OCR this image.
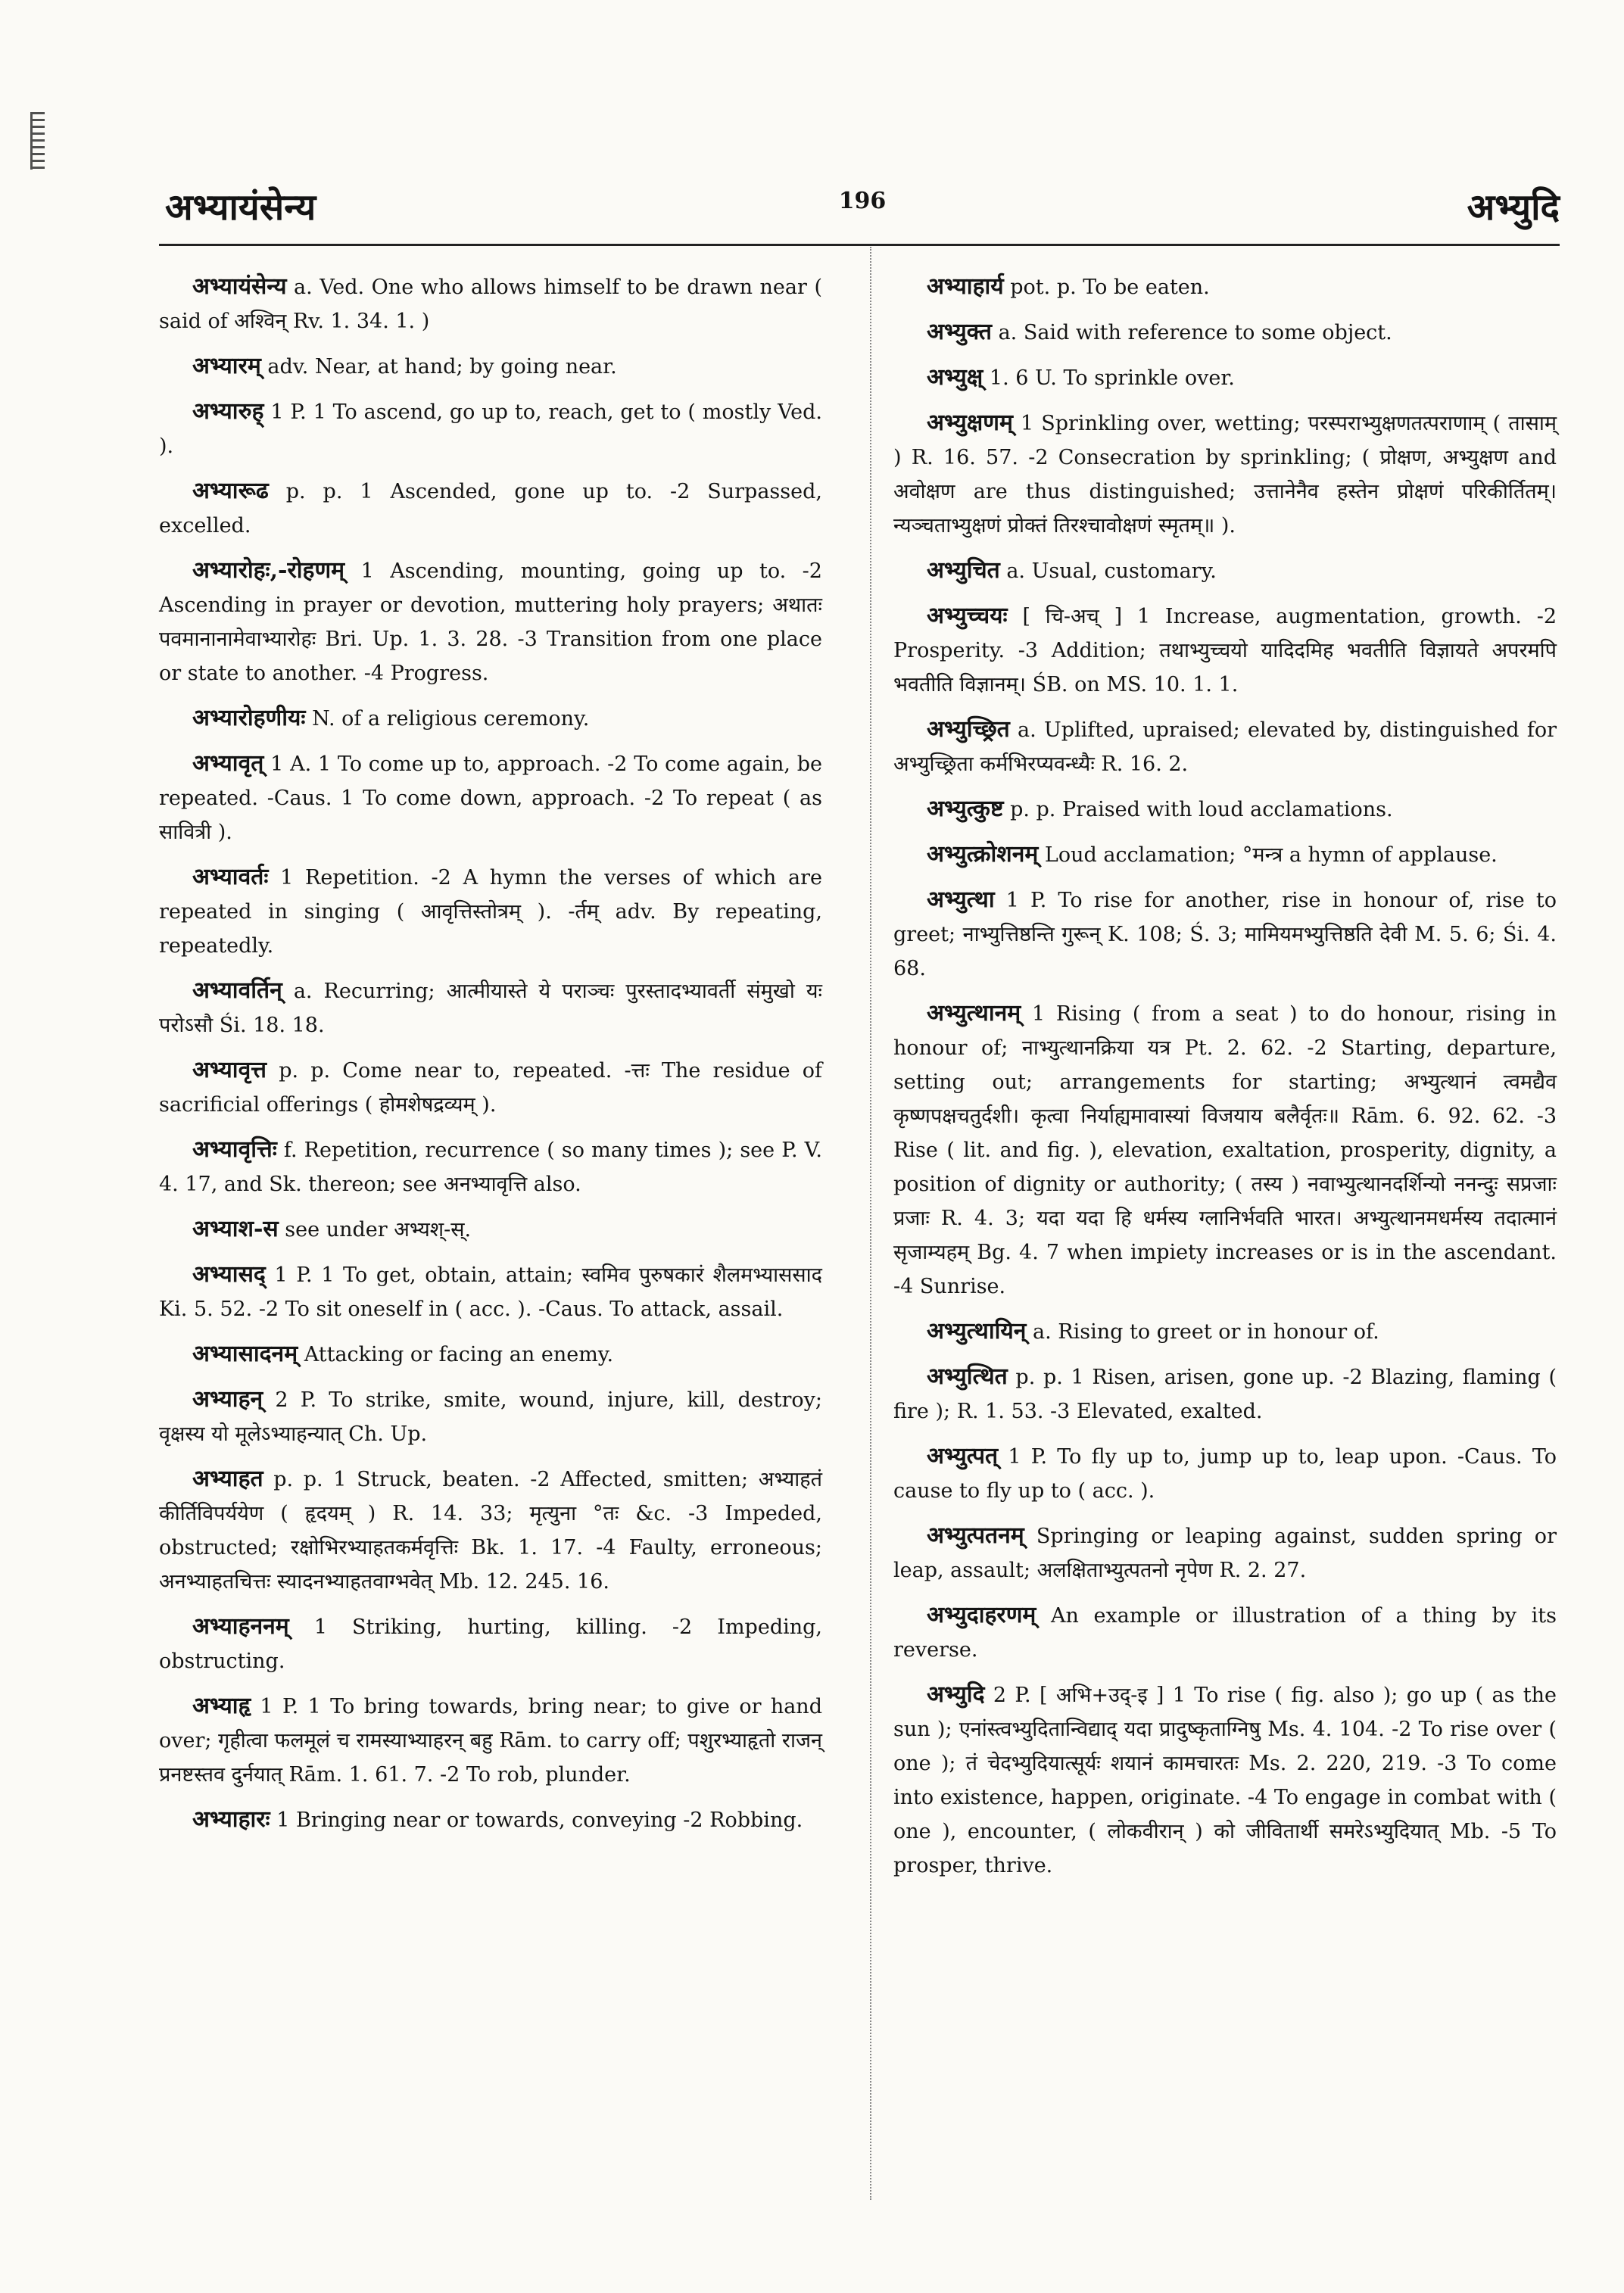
अभ्यायंसेन्य	196	अभ्युदि

अभ्यायंसेन्य a. Ved. One who allows himself to be drawn near ( said of अश्विन् Rv. 1. 34. 1. )

अभ्यारम् adv. Near, at hand; by going near.

अभ्यारुह् 1 P. 1 To ascend, go up to, reach, get to ( mostly Ved. ).

अभ्यारूढ p. p. 1 Ascended, gone up to. -2 Surpassed, excelled.

अभ्यारोहः,-रोहणम् 1 Ascending, mounting, going up to. -2 Ascending in prayer or devotion, muttering holy prayers; अथातः पवमानानामेवाभ्यारोहः Bri. Up. 1. 3. 28. -3 Transition from one place or state to another. -4 Progress.

अभ्यारोहणीयः N. of a religious ceremony.

अभ्यावृत् 1 A. 1 To come up to, approach. -2 To come again, be repeated. -Caus. 1 To come down, approach. -2 To repeat ( as सावित्री ).

अभ्यावर्तः 1 Repetition. -2 A hymn the verses of which are repeated in singing ( आवृत्तिस्तोत्रम् ). -र्तम् adv. By repeating, repeatedly.

अभ्यावर्तिन् a. Recurring; आत्मीयास्ते ये पराञ्चः पुरस्तादभ्यावर्ती संमुखो यः परोऽसौ Śi. 18. 18.

अभ्यावृत्त p. p. Come near to, repeated. -त्तः The residue of sacrificial offerings ( होमशेषद्रव्यम् ).

अभ्यावृत्तिः f. Repetition, recurrence ( so many times ); see P. V. 4. 17, and Sk. thereon; see अनभ्यावृत्ति also.

अभ्याश-स see under अभ्यश्-स्.

अभ्यासद् 1 P. 1 To get, obtain, attain; स्वमिव पुरुषकारं शैलमभ्याससाद Ki. 5. 52. -2 To sit oneself in ( acc. ). -Caus. To attack, assail.

अभ्यासादनम् Attacking or facing an enemy.

अभ्याहन् 2 P. To strike, smite, wound, injure, kill, destroy; वृक्षस्य यो मूलेऽभ्याहन्यात् Ch. Up.

अभ्याहत p. p. 1 Struck, beaten. -2 Affected, smitten; अभ्याहतं कीर्तिविपर्ययेण ( हृदयम् ) R. 14. 33; मृत्युना °तः &c. -3 Impeded, obstructed; रक्षोभिरभ्याहतकर्मवृत्तिः Bk. 1. 17. -4 Faulty, erroneous; अनभ्याहतचित्तः स्यादनभ्याहतवाग्भवेत् Mb. 12. 245. 16.

अभ्याहननम् 1 Striking, hurting, killing. -2 Impeding, obstructing.

अभ्याहृ 1 P. 1 To bring towards, bring near; to give or hand over; गृहीत्वा फलमूलं च रामस्याभ्याहरन् बहु Rām. to carry off; पशुरभ्याहृतो राजन् प्रनष्टस्तव दुर्नयात् Rām. 1. 61. 7. -2 To rob, plunder.

अभ्याहारः 1 Bringing near or towards, conveying -2 Robbing.

अभ्याहार्य pot. p. To be eaten.

अभ्युक्त a. Said with reference to some object.

अभ्युक्ष् 1. 6 U. To sprinkle over.

अभ्युक्षणम् 1 Sprinkling over, wetting; परस्पराभ्युक्षणतत्पराणाम् ( तासाम् ) R. 16. 57. -2 Consecration by sprinkling; ( प्रोक्षण, अभ्युक्षण and अवोक्षण are thus distinguished; उत्तानेनैव हस्तेन प्रोक्षणं परिकीर्तितम्। न्यञ्चताभ्युक्षणं प्रोक्तं तिरश्चावोक्षणं स्मृतम्॥ ).

अभ्युचित a. Usual, customary.

अभ्युच्चयः [ चि-अच् ] 1 Increase, augmentation, growth. -2 Prosperity. -3 Addition; तथाभ्युच्चयो यादिदमिह भवतीति विज्ञायते अपरमपि भवतीति विज्ञानम्। ŚB. on MS. 10. 1. 1.

अभ्युच्छ्रित a. Uplifted, upraised; elevated by, distinguished for अभ्युच्छ्रिता कर्मभिरप्यवन्ध्यैः R. 16. 2.

अभ्युत्कुष्ट p. p. Praised with loud acclamations.

अभ्युत्क्रोशनम् Loud acclamation; °मन्त्र a hymn of applause.

अभ्युत्था 1 P. To rise for another, rise in honour of, rise to greet; नाभ्युत्तिष्ठन्ति गुरून् K. 108; Ś. 3; मामियमभ्युत्तिष्ठति देवी M. 5. 6; Śi. 4. 68.

अभ्युत्थानम् 1 Rising ( from a seat ) to do honour, rising in honour of; नाभ्युत्थानक्रिया यत्र Pt. 2. 62. -2 Starting, departure, setting out; arrangements for starting; अभ्युत्थानं त्वमद्यैव कृष्णपक्षचतुर्दशी। कृत्वा निर्याह्यमावास्यां विजयाय बलैर्वृतः॥ Rām. 6. 92. 62. -3 Rise ( lit. and fig. ), elevation, exaltation, prosperity, dignity, a position of dignity or authority; ( तस्य ) नवाभ्युत्थानदर्शिन्यो ननन्दुः सप्रजाः प्रजाः R. 4. 3; यदा यदा हि धर्मस्य ग्लानिर्भवति भारत। अभ्युत्थानमधर्मस्य तदात्मानं सृजाम्यहम् Bg. 4. 7 when impiety increases or is in the ascendant. -4 Sunrise.

अभ्युत्थायिन् a. Rising to greet or in honour of.

अभ्युत्थित p. p. 1 Risen, arisen, gone up. -2 Blazing, flaming ( fire ); R. 1. 53. -3 Elevated, exalted.

अभ्युत्पत् 1 P. To fly up to, jump up to, leap upon. -Caus. To cause to fly up to ( acc. ).

अभ्युत्पतनम् Springing or leaping against, sudden spring or leap, assault; अलक्षिताभ्युत्पतनो नृपेण R. 2. 27.

अभ्युदाहरणम् An example or illustration of a thing by its reverse.

अभ्युदि 2 P. [ अभि+उद्-इ ] 1 To rise ( fig. also ); go up ( as the sun ); एनांस्त्वभ्युदितान्विद्याद् यदा प्रादुष्कृताग्निषु Ms. 4. 104. -2 To rise over ( one ); तं चेदभ्युदियात्सूर्यः शयानं कामचारतः Ms. 2. 220, 219. -3 To come into existence, happen, originate. -4 To engage in combat with ( one ), encounter, ( लोकवीरान् ) को जीवितार्थी समरेऽभ्युदियात् Mb. -5 To prosper, thrive.
